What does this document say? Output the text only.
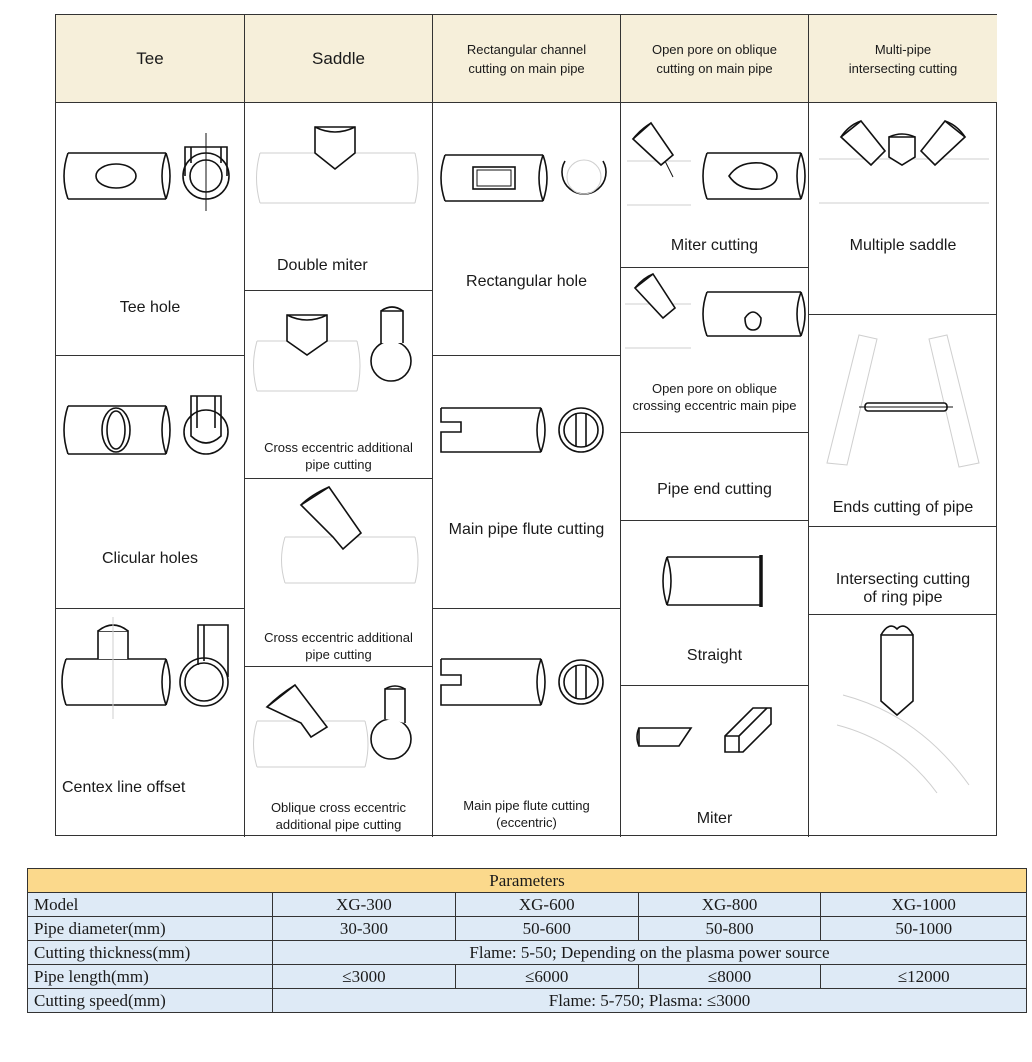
Tee	Saddle	Rectangular channel
cutting on main pipe
Open pore on oblique
cutting on main pipe
Multi-pipe
intersecting cutting
Tee hole
Clicular holes
Centex line offset
Double miter
Cross eccentric additional
pipe cutting
Cross eccentric additional
pipe cutting
Oblique cross eccentric
additional pipe cutting
Rectangular hole
Main pipe flute cutting
Main pipe flute cutting
(eccentric)
Miter cutting
Open pore on oblique
crossing eccentric main pipe
Pipe end cutting
Straight
Miter
Multiple saddle
Ends cutting of pipe
Intersecting cutting
of ring pipe
Parameters				
Model	XG-300	XG-600	XG-800	XG-1000
Pipe diameter(mm)	30-300	50-600	50-800	50-1000
Cutting thickness(mm)	Flame: 5-50; Depending on the plasma power source			
Pipe length(mm)	≤3000	≤6000	≤8000	≤12000
Cutting speed(mm)	Flame: 5-750; Plasma: ≤3000			
